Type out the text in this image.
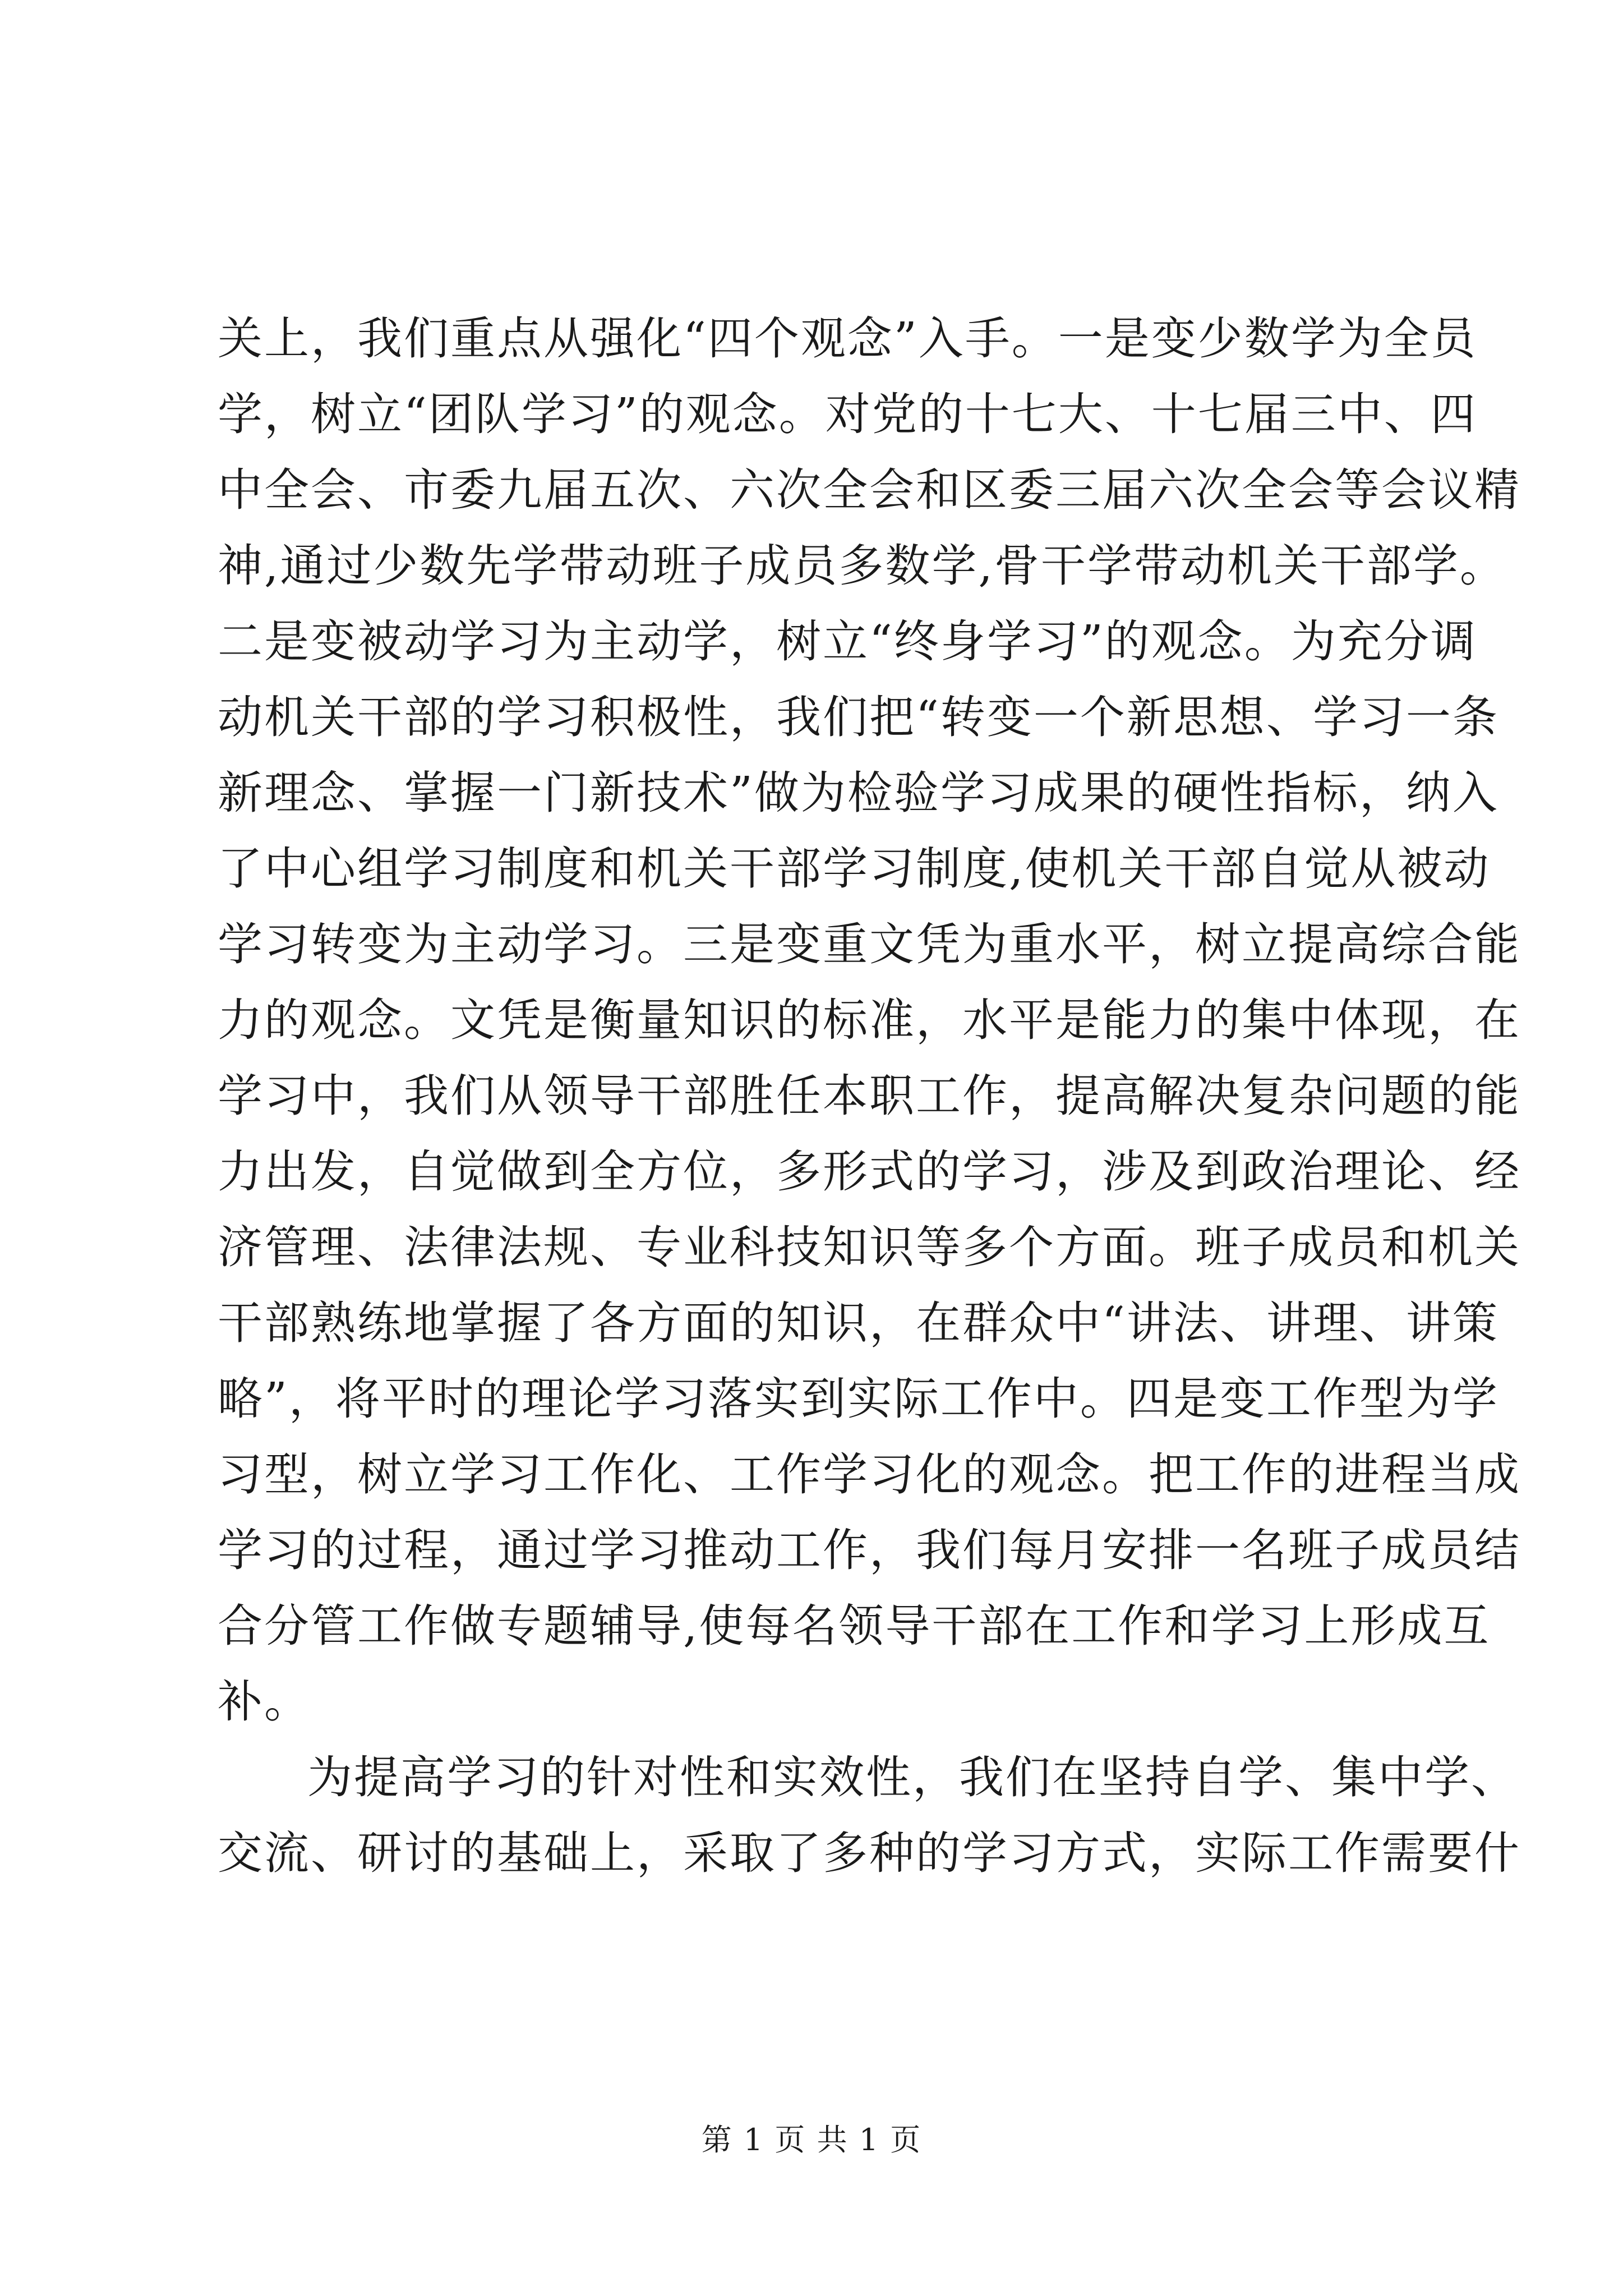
关上，我们重点从强化“四个观念”入手。一是变少数学为全员
学，树立“团队学习”的观念。对党的十七大、十七届三中、四
中全会、市委九届五次、六次全会和区委三届六次全会等会议精
神,通过少数先学带动班子成员多数学,骨干学带动机关干部学。
二是变被动学习为主动学，树立“终身学习”的观念。为充分调
动机关干部的学习积极性，我们把“转变一个新思想、学习一条
新理念、掌握一门新技术”做为检验学习成果的硬性指标，纳入
了中心组学习制度和机关干部学习制度,使机关干部自觉从被动
学习转变为主动学习。三是变重文凭为重水平，树立提高综合能
力的观念。文凭是衡量知识的标准，水平是能力的集中体现，在
学习中，我们从领导干部胜任本职工作，提高解决复杂问题的能
力出发，自觉做到全方位，多形式的学习，涉及到政治理论、经
济管理、法律法规、专业科技知识等多个方面。班子成员和机关
干部熟练地掌握了各方面的知识，在群众中“讲法、讲理、讲策
略”，将平时的理论学习落实到实际工作中。四是变工作型为学
习型，树立学习工作化、工作学习化的观念。把工作的进程当成
学习的过程，通过学习推动工作，我们每月安排一名班子成员结
合分管工作做专题辅导,使每名领导干部在工作和学习上形成互
补。
为提高学习的针对性和实效性，我们在坚持自学、集中学、
交流、研讨的基础上，采取了多种的学习方式，实际工作需要什
第 1 页 共 1 页
